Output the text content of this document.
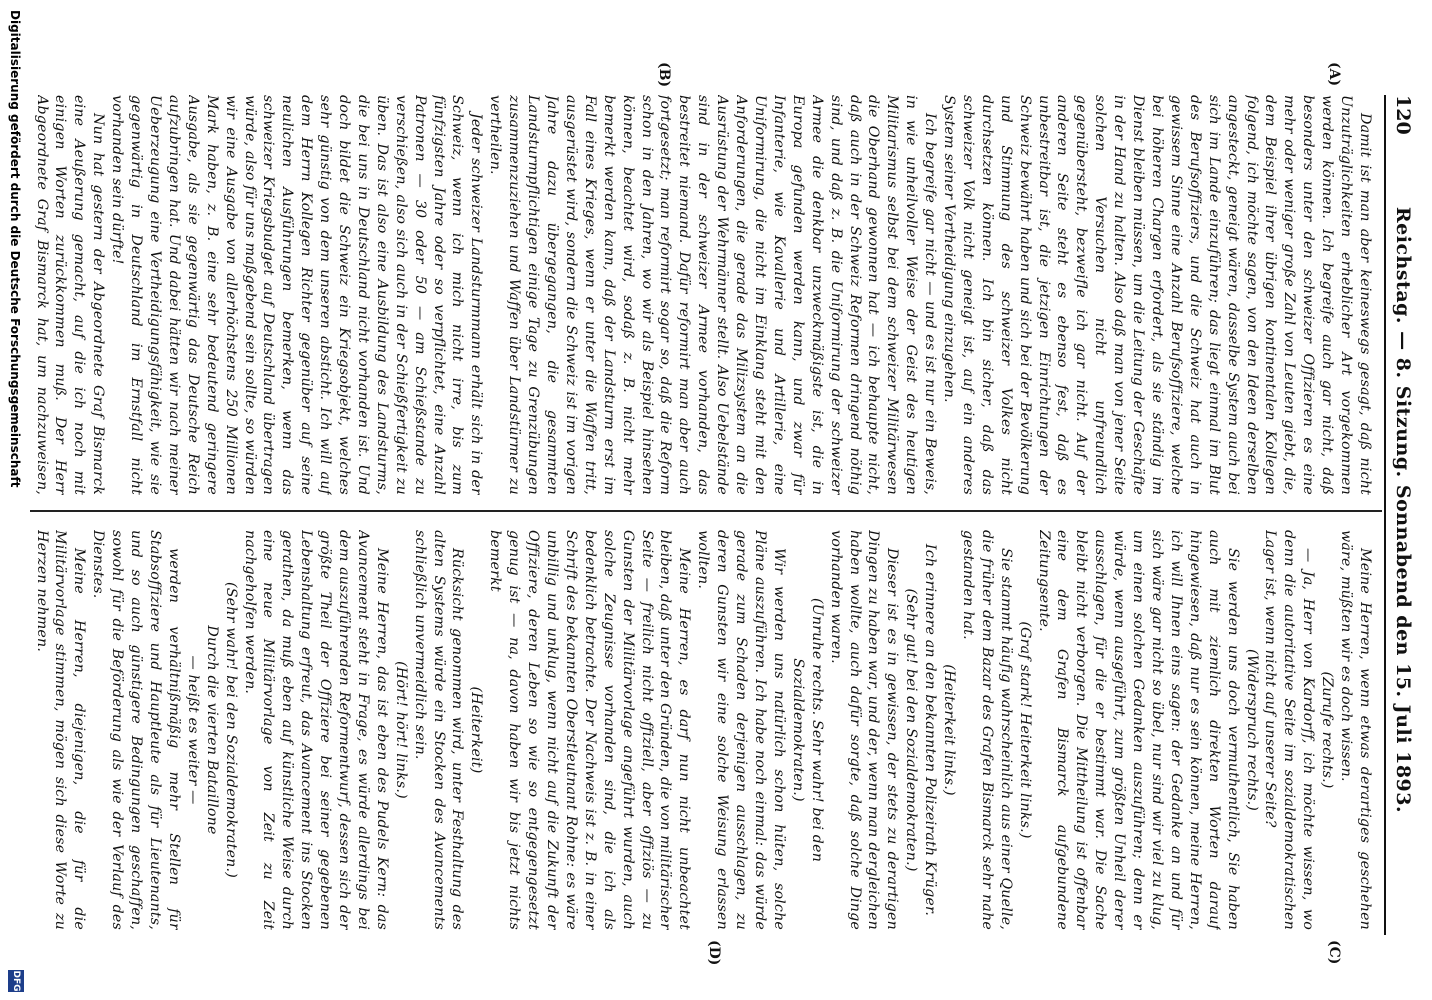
120
Reichstag. — 8. Sitzung. Sonnabend den 15. Juli 1893.
(A)
(B)
(C)
(D)

Damit ist man aber keineswegs gesagt, daß nicht Unzuträglichkeiten erheblicher Art vorgekommen werden können. Ich begreife auch gar nicht, daß besonders unter den schweizer Offizieren es eine mehr oder weniger große Zahl von Leuten giebt, die, dem Beispiel ihrer übrigen kontinentalen Kollegen folgend, ich möchte sagen, von den Ideen derselben angesteckt, geneigt wären, dasselbe System auch bei sich im Lande einzuführen; das liegt einmal im Blut des Berufsoffiziers, und die Schweiz hat auch in gewissem Sinne eine Anzahl Berufsoffiziere, welche bei höheren Chargen erfordert, als sie ständig im Dienst bleiben müssen, um die Leitung der Geschäfte in der Hand zu halten. Also daß man von jener Seite solchen Versuchen nicht unfreundlich gegenübersteht, bezweifle ich gar nicht. Auf der anderen Seite steht es ebenso fest, daß es unbestreitbar ist, die jetzigen Einrichtungen der Schweiz bewährt haben und sich bei der Bevölkerung und Stimmung des schweizer Volkes nicht durchsetzen können. Ich bin sicher, daß das schweizer Volk nicht geneigt ist, auf ein anderes System seiner Vertheidigung einzugehen.

Ich begreife gar nicht — und es ist nur ein Beweis, in wie unheilvoller Weise der Geist des heutigen Militarismus selbst bei dem schweizer Militärwesen die Oberhand gewonnen hat — ich behaupte nicht, daß auch in der Schweiz Reformen dringend nöthig sind, und daß z. B. die Uniformirung der schweizer Armee die denkbar unzweckmäßigste ist, die in Europa gefunden werden kann, und zwar für Infanterie, wie Kavallerie und Artillerie, eine Uniformirung, die nicht im Einklang steht mit den Anforderungen, die gerade das Milizsystem an die Ausrüstung der Wehrmänner stellt. Also Uebelstände sind in der schweizer Armee vorhanden, das bestreitet niemand. Dafür reformirt man aber auch fortgesetzt; man reformirt sogar so, daß die Reform schon in den Jahren, wo wir als Beispiel hinsehen können, beachtet wird, sodaß z. B. nicht mehr bemerkt werden kann, daß der Landsturm erst im Fall eines Krieges, wenn er unter die Waffen tritt, ausgerüstet wird, sondern die Schweiz ist im vorigen Jahre dazu übergegangen, die gesammten Landsturmpflichtigen einige Tage zu Grenzübungen zusammenzuziehen und Waffen über Landstürmer zu vertheilen.

Jeder schweizer Landsturmmann erhält sich in der Schweiz, wenn ich mich nicht irre, bis zum fünfzigsten Jahre oder so verpflichtet, eine Anzahl Patronen — 30 oder 50 — am Schießstande zu verschießen, also sich auch in der Schießfertigkeit zu üben. Das ist also eine Ausbildung des Landsturms, die bei uns in Deutschland nicht vorhanden ist. Und doch bildet die Schweiz ein Kriegsobjekt, welches sehr günstig von dem unseren absticht. Ich will auf dem Herrn Kollegen Richter gegenüber auf seine neulichen Ausführungen bemerken, wenn das schweizer Kriegsbudget auf Deutschland übertragen würde, also für uns maßgebend sein sollte, so würden wir eine Ausgabe von allerhöchstens 250 Millionen Mark haben, z. B. eine sehr bedeutend geringere Ausgabe, als sie gegenwärtig das Deutsche Reich aufzubringen hat. Und dabei hätten wir nach meiner Ueberzeugung eine Vertheidigungsfähigkeit, wie sie gegenwärtig in Deutschland im Ernstfall nicht vorhanden sein dürfte!

Nun hat gestern der Abgeordnete Graf Bismarck eine Aeußerung gemacht, auf die ich noch mit einigen Worten zurückkommen muß. Der Herr Abgeordnete Graf Bismarck hat, um nachzuweisen,

Meine Herren, wenn etwas derartiges geschehen wäre, müßten wir es doch wissen.

(Zurufe rechts.)

— Ja, Herr von Kardorff, ich möchte wissen, wo denn die autoritative Seite im sozialdemokratischen Lager ist, wenn nicht auf unserer Seite?

(Widerspruch rechts.)

Sie werden uns doch vermuthentlich, Sie haben auch mit ziemlich direkten Worten darauf hingewiesen, daß nur es sein können, meine Herren, ich will Ihnen eins sagen: der Gedanke an und für sich wäre gar nicht so übel, nur sind wir viel zu klug, um einen solchen Gedanken auszuführen; denn er würde, wenn ausgeführt, zum größten Unheil derer ausschlagen, für die er bestimmt war. Die Sache bleibt nicht verborgen. Die Mittheilung ist offenbar eine dem Grafen Bismarck aufgebundene Zeitungsente.

(Graf stark! Heiterkeit links.)

Sie stammt häufig wahrscheinlich aus einer Quelle, die früher dem Bazar des Grafen Bismarck sehr nahe gestanden hat.

(Heiterkeit links.)

Ich erinnere an den bekannten Polizeirath Krüger.

(Sehr gut! bei den Sozialdemokraten.)

Dieser ist es in gewissen, der stets zu derartigen Dingen zu haben war, und der, wenn man dergleichen haben wollte, auch dafür sorgte, daß solche Dinge vorhanden waren.

(Unruhe rechts. Sehr wahr! bei den Sozialdemokraten.)

Wir werden uns natürlich schon hüten, solche Pläne auszuführen. Ich habe noch einmal: das würde gerade zum Schaden derjenigen ausschlagen, zu deren Gunsten wir eine solche Weisung erlassen wollten.

Meine Herren, es darf nun nicht unbeachtet bleiben, daß unter den Gründen, die von militärischer Seite — freilich nicht offiziell, aber offiziös — zu Gunsten der Militärvorlage angeführt wurden, auch solche Zeugnisse vorhanden sind, die ich als bedenklich betrachte. Der Nachweis ist z. B. in einer Schrift des bekannten Oberstleutnant Rohne: es wäre unbillig und unklug, wenn nicht auf die Zukunft der Offiziere, deren Leben so wie so entgegengesetzt genug ist — na, davon haben wir bis jetzt nichts bemerkt

(Heiterkeit)

Rücksicht genommen wird, unter Festhaltung des alten Systems würde ein Stocken des Avancements schließlich unvermeidlich sein.

(Hört! hört! links.)

Meine Herren, das ist eben des Pudels Kern: das Avancement steht in Frage, es würde allerdings bei dem auszuführenden Reformentwurf, dessen sich der größte Theil der Offiziere bei seiner gegebenen Lebenshaltung erfreut, das Avancement ins Stocken gerathen, da muß eben auf künstliche Weise durch eine neue Militärvorlage von Zeit zu Zeit nachgeholfen werden.

(Sehr wahr! bei den Sozialdemokraten.)

Durch die vierten Bataillone

— heißt es weiter —

werden verhältnißmäßig mehr Stellen für Stabsoffiziere und Hauptleute als für Lieutenants, und so auch günstigere Bedingungen geschaffen, sowohl für die Beförderung als wie der Verlauf des Dienstes.

Meine Herren, diejenigen, die für die Militärvorlage stimmen, mögen sich diese Worte zu Herzen nehmen.

Digitalisierung gefördert durch die Deutsche Forschungsgemeinschaft
DFG
